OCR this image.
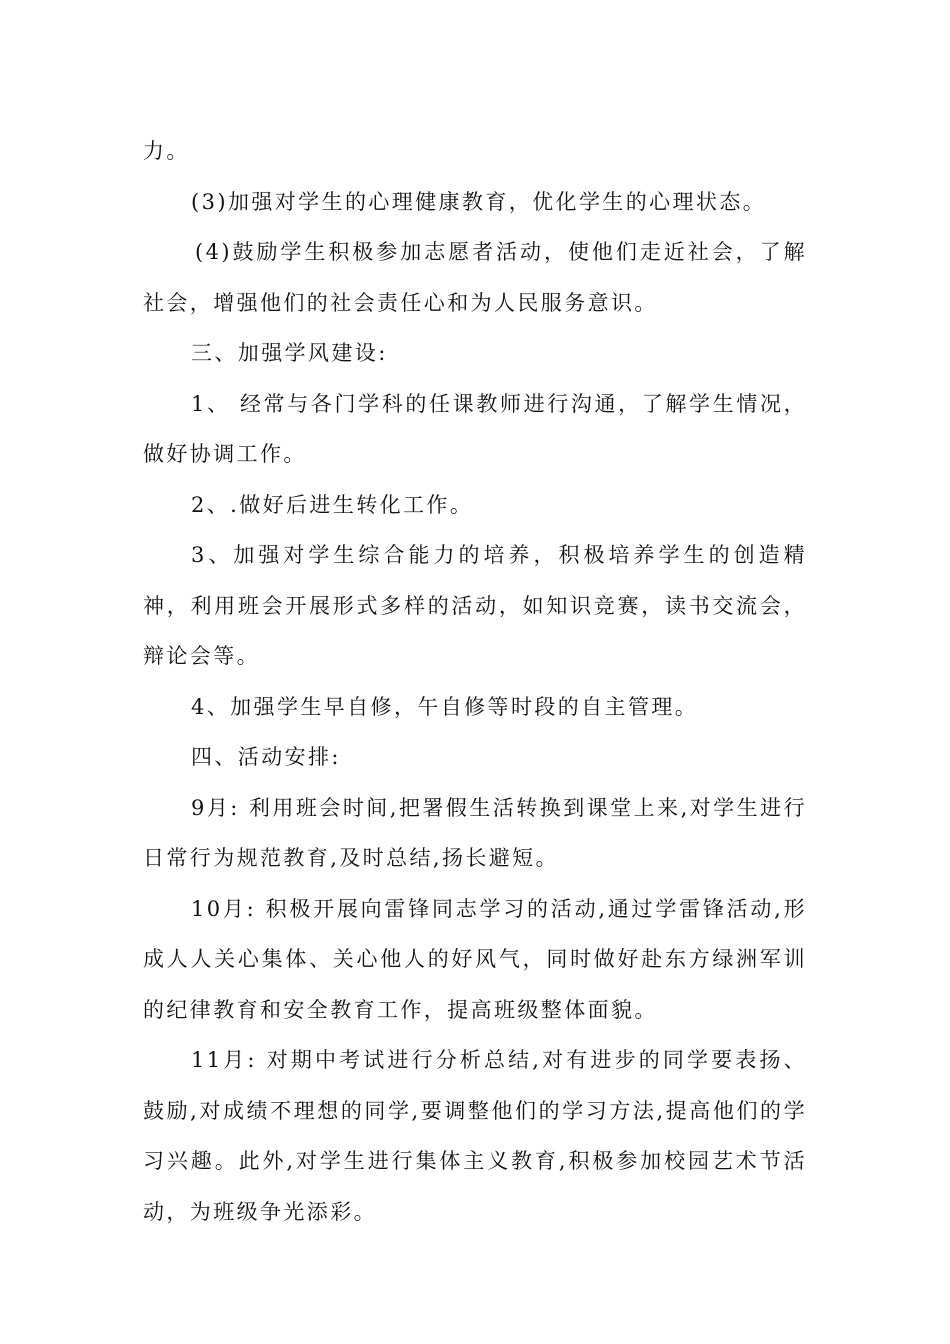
力。

(3)加强对学生的心理健康教育，优化学生的心理状态。

(4)鼓励学生积极参加志愿者活动，使他们走近社会，了解社会，增强他们的社会责任心和为人民服务意识。

三、加强学风建设:

1、 经常与各门学科的任课教师进行沟通，了解学生情况，做好协调工作。

2、.做好后进生转化工作。

3、加强对学生综合能力的培养，积极培养学生的创造精神，利用班会开展形式多样的活动，如知识竞赛，读书交流会，辩论会等。

4、加强学生早自修，午自修等时段的自主管理。

四、活动安排:

9月: 利用班会时间,把署假生活转换到课堂上来,对学生进行日常行为规范教育,及时总结,扬长避短。

10月: 积极开展向雷锋同志学习的活动,通过学雷锋活动,形成人人关心集体、关心他人的好风气，同时做好赴东方绿洲军训的纪律教育和安全教育工作，提高班级整体面貌。

11月: 对期中考试进行分析总结,对有进步的同学要表扬、鼓励,对成绩不理想的同学,要调整他们的学习方法,提高他们的学习兴趣。此外,对学生进行集体主义教育,积极参加校园艺术节活动，为班级争光添彩。
